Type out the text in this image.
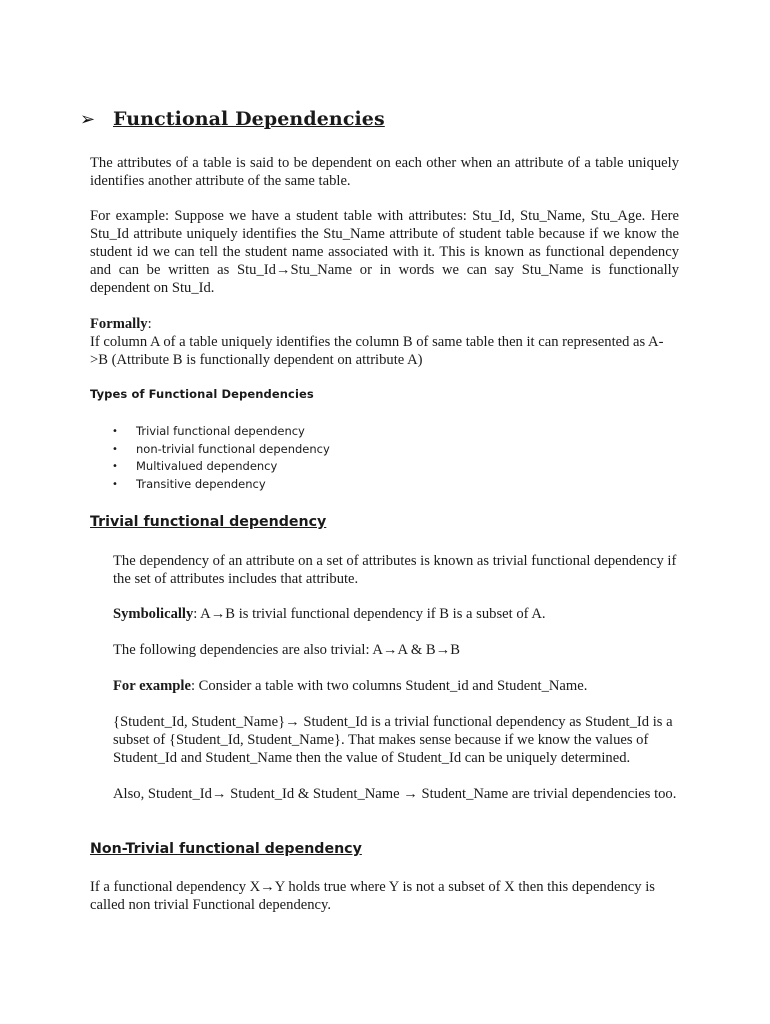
➢ Functional Dependencies

The attributes of a table is said to be dependent on each other when an attribute of a table uniquely identifies another attribute of the same table.

For example: Suppose we have a student table with attributes: Stu_Id, Stu_Name, Stu_Age. Here Stu_Id attribute uniquely identifies the Stu_Name attribute of student table because if we know the student id we can tell the student name associated with it. This is known as functional dependency and can be written as Stu_Id→Stu_Name or in words we can say Stu_Name is functionally dependent on Stu_Id.

Formally:
If column A of a table uniquely identifies the column B of same table then it can represented as A->B (Attribute B is functionally dependent on attribute A)

Types of Functional Dependencies
•	Trivial functional dependency
•	non-trivial functional dependency
•	Multivalued dependency
•	Transitive dependency
Trivial functional dependency

The dependency of an attribute on a set of attributes is known as trivial functional dependency if the set of attributes includes that attribute.

Symbolically: A→B is trivial functional dependency if B is a subset of A.

The following dependencies are also trivial: A→A & B→B

For example: Consider a table with two columns Student_id and Student_Name.

{Student_Id, Student_Name}→ Student_Id is a trivial functional dependency as Student_Id is a subset of {Student_Id, Student_Name}. That makes sense because if we know the values of Student_Id and Student_Name then the value of Student_Id can be uniquely determined.

Also, Student_Id→ Student_Id & Student_Name → Student_Name are trivial dependencies too.

Non-Trivial functional dependency

If a functional dependency X→Y holds true where Y is not a subset of X then this dependency is called non trivial Functional dependency.
